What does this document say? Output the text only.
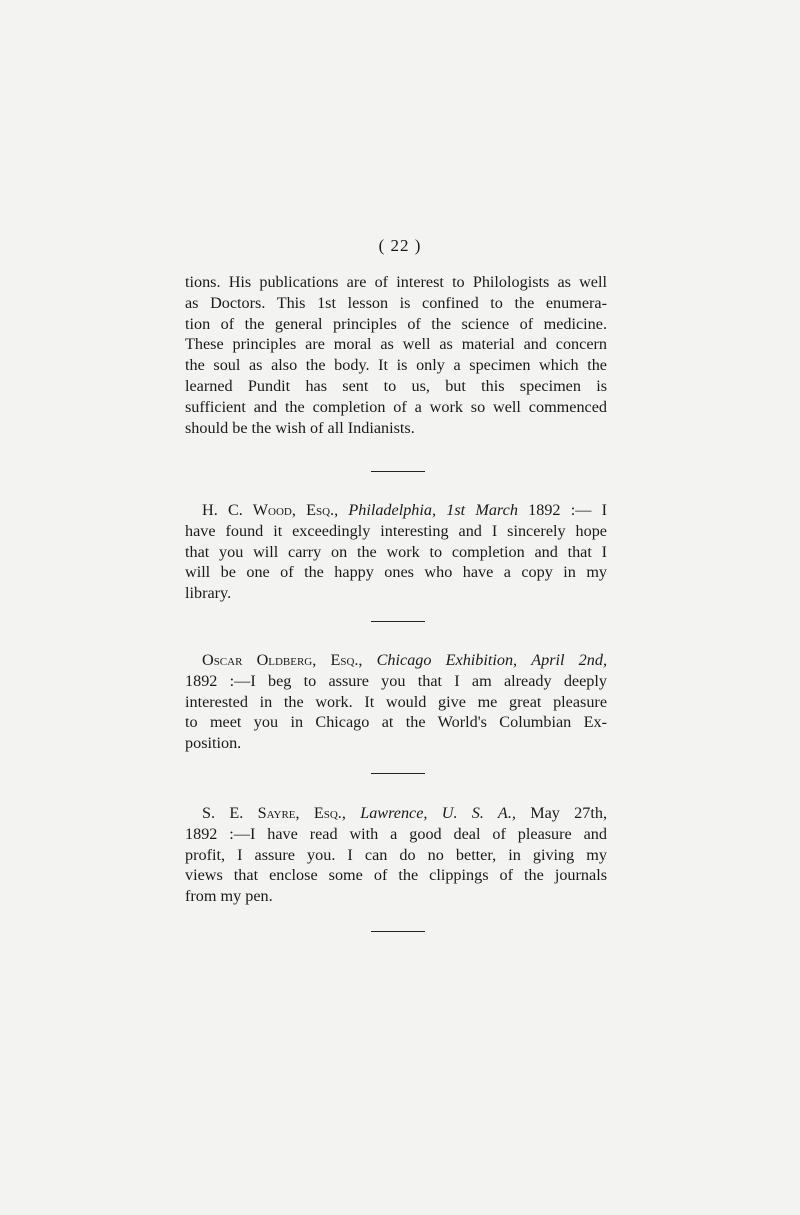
( 22 )
tions. His publications are of interest to Philologists as well
as Doctors. This 1st lesson is confined to the enumera-
tion of the general principles of the science of medicine.
These principles are moral as well as material and concern
the soul as also the body. It is only a specimen which the
learned Pundit has sent to us, but this specimen is
sufficient and the completion of a work so well commenced
should be the wish of all Indianists.
H. C. Wood, Esq., Philadelphia, 1st March 1892 :— I
have found it exceedingly interesting and I sincerely hope
that you will carry on the work to completion and that I
will be one of the happy ones who have a copy in my
library.
Oscar Oldberg, Esq., Chicago Exhibition, April 2nd,
1892 :—I beg to assure you that I am already deeply
interested in the work. It would give me great pleasure
to meet you in Chicago at the World's Columbian Ex-
position.
S. E. Sayre, Esq., Lawrence, U. S. A., May 27th,
1892 :—I have read with a good deal of pleasure and
profit, I assure you. I can do no better, in giving my
views that enclose some of the clippings of the journals
from my pen.
